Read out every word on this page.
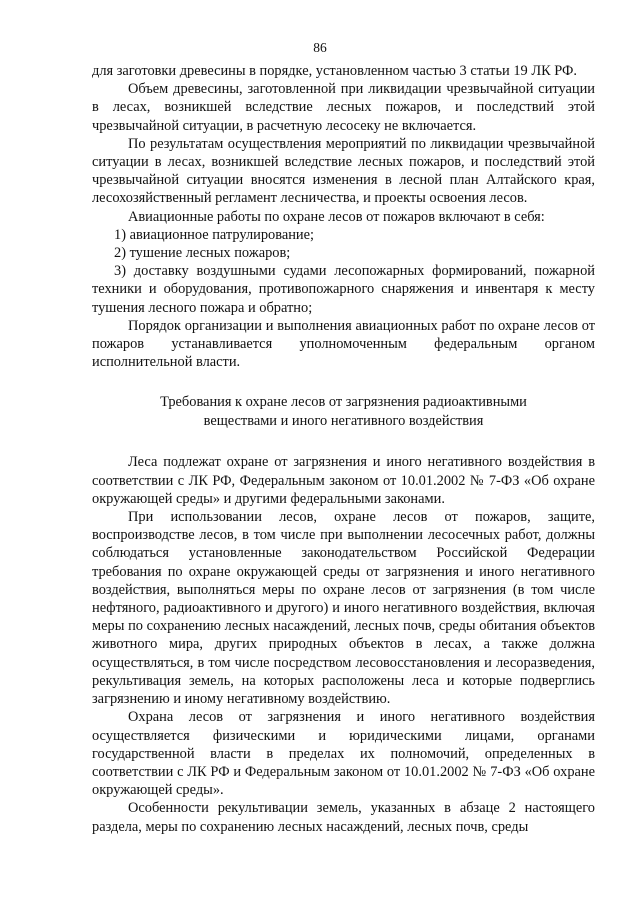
86

для заготовки древесины в порядке, установленном частью 3 статьи 19 ЛК РФ.

Объем древесины, заготовленной при ликвидации чрезвычайной ситуации в лесах, возникшей вследствие лесных пожаров, и последствий этой чрезвычайной ситуации, в расчетную лесосеку не включается.

По результатам осуществления мероприятий по ликвидации чрезвычайной ситуации в лесах, возникшей вследствие лесных пожаров, и последствий этой чрезвычайной ситуации вносятся изменения в лесной план Алтайского края, лесохозяйственный регламент лесничества, и проекты освоения лесов.

Авиационные работы по охране лесов от пожаров включают в себя:

1) авиационное патрулирование;

2) тушение лесных пожаров;

3) доставку воздушными судами лесопожарных формирований, пожарной техники и оборудования, противопожарного снаряжения и инвентаря к месту тушения лесного пожара и обратно;

Порядок организации и выполнения авиационных работ по охране лесов от пожаров устанавливается уполномоченным федеральным органом исполнительной власти.

Требования к охране лесов от загрязнения радиоактивными
веществами и иного негативного воздействия

Леса подлежат охране от загрязнения и иного негативного воздействия в соответствии с ЛК РФ, Федеральным законом от 10.01.2002 № 7-ФЗ «Об охране окружающей среды» и другими федеральными законами.

При использовании лесов, охране лесов от пожаров, защите, воспроизводстве лесов, в том числе при выполнении лесосечных работ, должны соблюдаться установленные законодательством Российской Федерации требования по охране окружающей среды от загрязнения и иного негативного воздействия, выполняться меры по охране лесов от загрязнения (в том числе нефтяного, радиоактивного и другого) и иного негативного воздействия, включая меры по сохранению лесных насаждений, лесных почв, среды обитания объектов животного мира, других природных объектов в лесах, а также должна осуществляться, в том числе посредством лесовосстановления и лесоразведения, рекультивация земель, на которых расположены леса и которые подверглись загрязнению и иному негативному воздействию.

Охрана лесов от загрязнения и иного негативного воздействия осуществляется физическими и юридическими лицами, органами государственной власти в пределах их полномочий, определенных в соответствии с ЛК РФ и Федеральным законом от 10.01.2002 № 7-ФЗ «Об охране окружающей среды».

Особенности рекультивации земель, указанных в абзаце 2 настоящего раздела, меры по сохранению лесных насаждений, лесных почв, среды
